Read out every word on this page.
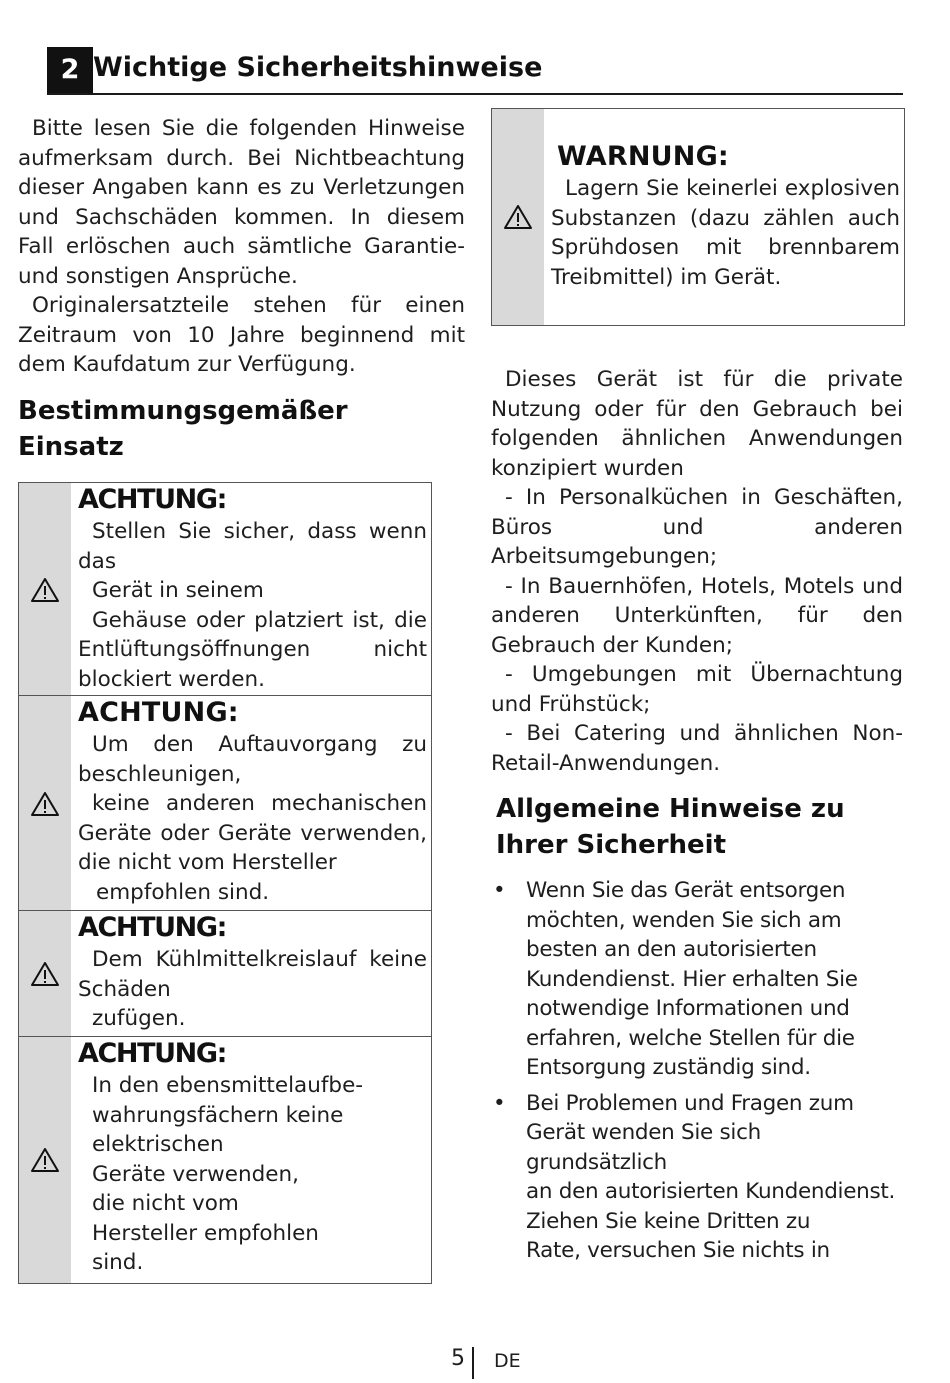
2 Wichtige Sicherheitshinweise

Bitte lesen Sie die folgenden Hinweise aufmerksam durch. Bei Nichtbeachtung dieser Angaben kann es zu Verletzungen und Sachschäden kommen. In diesem Fall erlöschen auch sämtliche Garantie- und sonstigen Ansprüche.

Originalersatzteile stehen für einen Zeitraum von 10 Jahre beginnend mit dem Kaufdatum zur Verfügung.

Bestimmungsgemäßer
Einsatz
ACHTUNG:

Stellen Sie sicher, dass wenn das
Gerät in seinem
Gehäuse oder platziert ist, die Entlüftungsöffnungen nicht blockiert werden.

ACHTUNG:

Um den Auftauvorgang zu beschleunigen,
keine anderen mechanischen Geräte oder Geräte verwenden, die nicht vom Hersteller
empfohlen sind.

ACHTUNG:

Dem Kühlmittelkreislauf keine Schäden
zufügen.

ACHTUNG:

In den ebensmittelaufbe-
wahrungsfächern keine
elektrischen
Geräte verwenden,
die nicht vom
Hersteller empfohlen
sind.

WARNUNG:

Lagern Sie keinerlei explosiven Substanzen (dazu zählen auch Sprühdosen mit brennbarem Treibmittel) im Gerät.

Dieses Gerät ist für die private Nutzung oder für den Gebrauch bei folgenden ähnlichen Anwendungen konzipiert wurden

- In Personalküchen in Geschäften, Büros und anderen Arbeitsumgebungen;

- In Bauernhöfen, Hotels, Motels und anderen Unterkünften, für den Gebrauch der Kunden;

- Umgebungen mit Übernachtung und Frühstück;

- Bei Catering und ähnlichen Non-Retail-Anwendungen.

Allgemeine Hinweise zu
Ihrer Sicherheit
• Wenn Sie das Gerät entsorgen
möchten, wenden Sie sich am
besten an den autorisierten
Kundendienst. Hier erhalten Sie
notwendige Informationen und
erfahren, welche Stellen für die
Entsorgung zuständig sind.
• Bei Problemen und Fragen zum
Gerät wenden Sie sich grundsätzlich
an den autorisierten Kundendienst.
Ziehen Sie keine Dritten zu
Rate, versuchen Sie nichts in
5 DE
